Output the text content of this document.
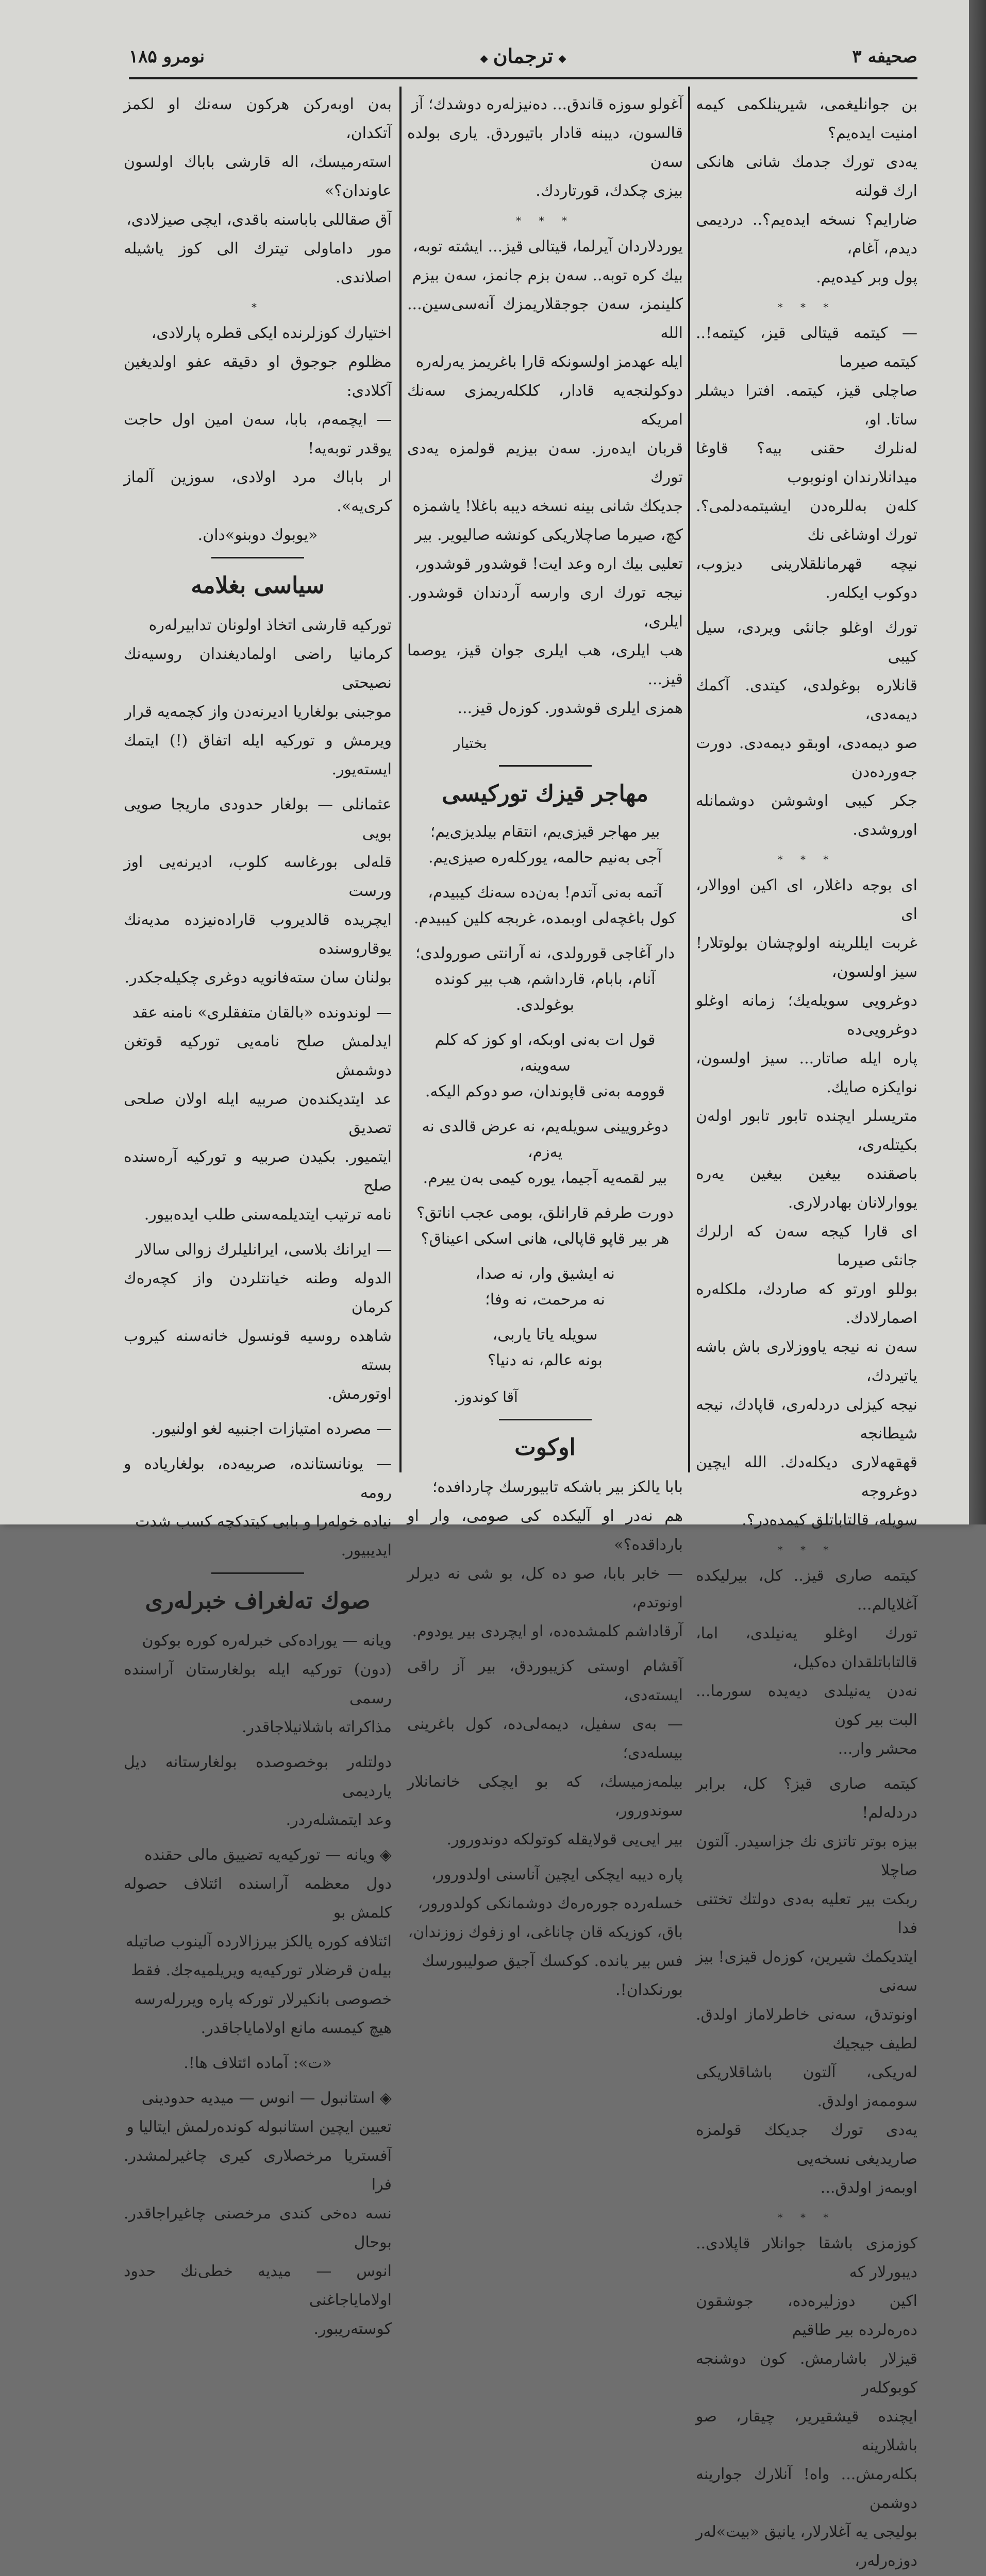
صحیفه ۳
◆ ترجمان ◆
نومرو ۱۸۵

بن جوانلیغمی، شیرینلکمی کیمه امنیت ایدەیم؟

یەدی تورك جدمك شانی هانکی ارك قولنه

ضارایم؟ نسخه ایدەیم؟.. دردیمی دیدم، آغام،

پول وبر کیدەیم.

* * *

— کیتمه قیتالی قیز، کیتمه!.. کیتمه صیرما

صاچلی قیز، کیتمه. افترا دیشلر ساتا. او،

لەنلرك حقنی بیه؟ قاوغا میدانلارندان اونوبوب

کلەن بەللرەدن ایشیتمەدلمی؟. تورك اوشاغی نك

نیچە قهرمانلقلارینی دیزوب، دوکوب ایکلەر.

تورك اوغلو جانئی ویردی، سیل کیبی

قانلاره بوغولدی، کیتدی. آکمك دیمەدی،

صو دیمەدی، اوبقو دیمەدی. دورت جەوردەدن

جکر کیبی اوشوشن دوشمانله اوروشدی.

* * *

ای بوجه داغلار، ای اکین اووالار، ای

غربت ایللرینه اولوچشان بولوتلار! سیز اولسون،

دوغرویی سویلەیك؛ زمانه اوغلو دوغرویی‌دە

پاره ایله صاتار... سیز اولسون، نوایکزه صایك.

متریسلر ایچنده تابور تابور اولەن بکیتلەری،

باصقنده بیغین بیغین یەره یووارلانان بهادرلاری.

ای قارا کیجه سەن که ارلرك جانئی صیرما

بوللو اورتو که صاردك، ملکلەره اصمارلادك.

سەن نه نیجه یاووزلاری باش باشه یاتیردك،

نیجه کیزلی دردلەری، قاپادك، نیجه شیطانجه

قهقهەلاری دیکلەدك. الله ایچین دوغروجه

سویله، قالتاباتلق کیمدەدر؟.

* * *

کیتمه صاری قیز.. کل، بیرلیکده آغلایالم...

تورك اوغلو یەنیلدی، اما، قالتاباتلقدان دەکیل،

نەدن یەنیلدی دیەیده سورما... البت بیر کون

محشر وار...

کیتمه صاری قیز؟ کل، برابر دردلەلم!

بیزه بوتر تاتزی نك جزاسیدر. آلتون صاچلا

ربکت بیر تعلیه بەدی دولتك تختنی فدا

ایتدیکمك شیرین، کوزەل قیزی! بیز سەنی

اونوتدق، سەنی خاطرلاماز اولدق. لطیف جیجیك

لەریکی، آلتون باشاقلاریکی سوممەز اولدق.

یەدی تورك جدیکك قولمزه صاریدیغی نسخه‌یی

اوبمەز اولدق...

* * *

کوزمزی باشقا جوانلار قاپلادی.. دیبورلار که

اکین دوزلیرەده، جوشقون دەرەلرده بیر طاقیم

قیزلار باشارمش. کون دوشنجه کوبوکلەر

ایچنده قیشقیریر، چیقار، صو باشلارینه

بکلەرمش... واه! آنلارك جوارینه دوشمن

بولیجی یه آغلارلار، یانیق «بیت»لەر دوزەرلەر،

آغولو سوزه قاندق... دەنیزلەره دوشدك؛ آز

قالسون، دیبنه قادار باتیوردق. یاری بولده سەن

بیزی چکدك، قورتاردك.

* * *

یوردلاردان آیرلما، قیتالی قیز... ایشته توبه،

بیك کره توبه.. سەن بزم جانمز، سەن بیزم

کلینمز، سەن جوجقلاریمزك آنه‌سی‌سین... الله

ایله عهدمز اولسونکه قارا باغریمز یەرلەره

دوکولنجه‌یه قادار، کلکلەریمزی سەنك امریکه

قربان ایدەرز. سەن بیزیم قولمزه یەدی تورك

جدیکك شانی بینه نسخه دیبه باغلا! یاشمزه

کچ، صیرما صاچلاریکی کونشه صالیویر. بیر

تعلیی بیك اره وعد ایت! قوشدور قوشدور،

نیجه تورك اری وارسه آردندان قوشدور. ایلری،

هب ایلری، هب ایلری جوان قیز، یوصما قیز...

همزی ایلری قوشدور. کوزەل قیز...

بختیار
مهاجر قیزك تورکیسی

بیر مهاجر قیزی‌یم، انتقام بیلدیزی‌یم؛

آجی بەنیم حالمه، یورکلەره صیزی‌یم.

آتمه بەنی آتدم! بەن‌دە سەنك کیبیدم،

کول باغچه‌لی اوبمده، غربجه کلین کیبیدم.

دار آغاجی قورولدی، نه آرانتی صورولدی؛

آنام، بابام، قارداشم، هب بیر کونده بوغولدی.

قول ات بەنی اوبکه، او کوز که کلم سەوینه،

قوومه بەنی قاپوندان، صو دوکم الیکه.

دوغرویینی سویلەیم، نه عرض قالدی نه یەزم،

بیر لقمه‌یه آجیما، یوره کیمی بەن ییرم.

دورت طرفم قارانلق، بومی عجب اناتق؟

هر بیر قاپو قاپالی، هانی اسکی اعیناق؟

نه ایشیق وار، نه صدا،

نه مرحمت، نه وفا؛

سویله یاتا یاربی،

بونه عالم، نه دنیا؟

آقا کوندوز.
اوکوت

بابا یالکز بیر باشکه تابیورسك چاردافده؛

هم نەدر او آلیکده کی صومی، وار او بارداقده؟»

— خابر بابا، صو ده کل، بو شی نه دیرلر اونوتدم،

آرقاداشم کلمشدەده، او ایچردی بیر یودوم.

آقشام اوستی کزیبوردق، بیر آز راقی ایسته‌دی،

— بەی سفیل، دیمەلی‌ده، کول باغرینی بیسلەدی؛

بیلمەزمیسك، که بو ایچکی خانمانلار سوندورور،

بیر ایی‌یی قولایقله کوتولکه دوندورور.

پاره دیبه ایچکی ایچین آناسنی اولدورور،

خسلەرده جوره‌ره‌ك دوشمانکی کولدورور،

باق، کوزیکه قان چاناغی، او زفوك زوزندان،

فس بیر یانده. کوکسك آجیق صولیبورسك

بورنکدان!.

بەن اوبەرکن هرکون سەنك او لکمز آتکدان،

استەرمیسك، اله قارشی باباك اولسون عاوندان؟»

آق صقاللی باباسنه باقدی، ایچی صیزلادی،

مور داماولی تیترك الی کوز یاشیله اصلاندی.

*

اختیارك کوزلرنده ایکی قطره پارلادی،

مظلوم جوجوق او دقیقه عفو اولدیغین آکلادی:

— ایچمەم، بابا، سەن امین اول حاجت یوقدر توبه‌یه!

ار باباك مرد اولادی، سوزین آلماز کری‌یه».

«یوبوك دوبنو»دان.

سیاسی بغلامه

تورکیه قارشی اتخاذ اولونان تدابیرلەره

کرمانیا راضی اولمادیغندان روسیه‌نك نصیحتی

موجبنی بولغاریا ادیرنه‌دن واز کچمه‌یه قرار

ویرمش و تورکیه ایله اتفاق (!) ایتمك ایسته‌یور.

عثمانلی — بولغار حدودی ماریجا صویی بویی

قلەلی بورغاسه کلوب، ادیرنه‌یی اوز ورست

ایچریده قالدیروب قارادەنیزده مدیه‌نك یوقاروسنده

بولنان سان سته‌فانویه دوغری چکیله‌جکدر.

— لوندونده «بالقان متفقلری» نامنه عقد

ایدلمش صلح نامه‌یی تورکیه قوتغن دوشمش

عد ایتدیکنده‌ن صربیه ایله اولان صلحی تصدیق

ایتمیور. بکیدن صربیه و تورکیه آرەسنده صلح

نامه ترتیب ایتدیلمه‌سنی طلب ایده‌بیور.

— ایرانك بلاسی، ایرانلیلرك زوالی سالار

الدوله وطنه خیانتلردن واز کچه‌رەك کرمان

شاهده روسیه قونسول خانەسنه کیروب بسته

اوتورمش.

— مصرده امتیازات اجنبیه لغو اولنیور.

— یونانستانده، صربیه‌ده، بولغاریاده و رومه

نیاده خولەرا و بابی کیتدکچه کسب شدت

ایدیبیور.

صوك تەلغراف خبرلەری

ویانه — یوراده‌کی خبرلەره کوره بوکون

(دون) تورکیه ایله بولغارستان آراسنده رسمی

مذاکراته باشلانیلاجاقدر.

دولتلەر بوخصوصده بولغارستانه دیل یاردیمی

وعد ایتمشلەردر.

◈ ویانه — تورکیه‌یه تضییق مالی حقنده

دول معظمه آراسنده ائتلاف حصوله کلمش بو

ائتلافه کوره یالکز بیرزالارده آلینوب صاتیله

بیلەن قرضلار تورکیه‌یه ویریلمیه‌جك. فقط

خصوصی بانکیرلار تورکه پاره ویررلەرسه

هیچ کیمسه مانع اولامایاجاقدر.

«ت»: آماده ائتلاف ها!.

◈ استانبول — انوس — میدیه حدودینی

تعیین ایچین استانبوله کوندەرلمش ایتالیا و

آفستریا مرخصلاری کیری چاغیرلمشدر. فرا

نسه دەخی کندی مرخصنی چاغیراجاقدر. بوحال

انوس — میدیه خطی‌نك حدود اولامایاجاغنی

کوستەریبور.
